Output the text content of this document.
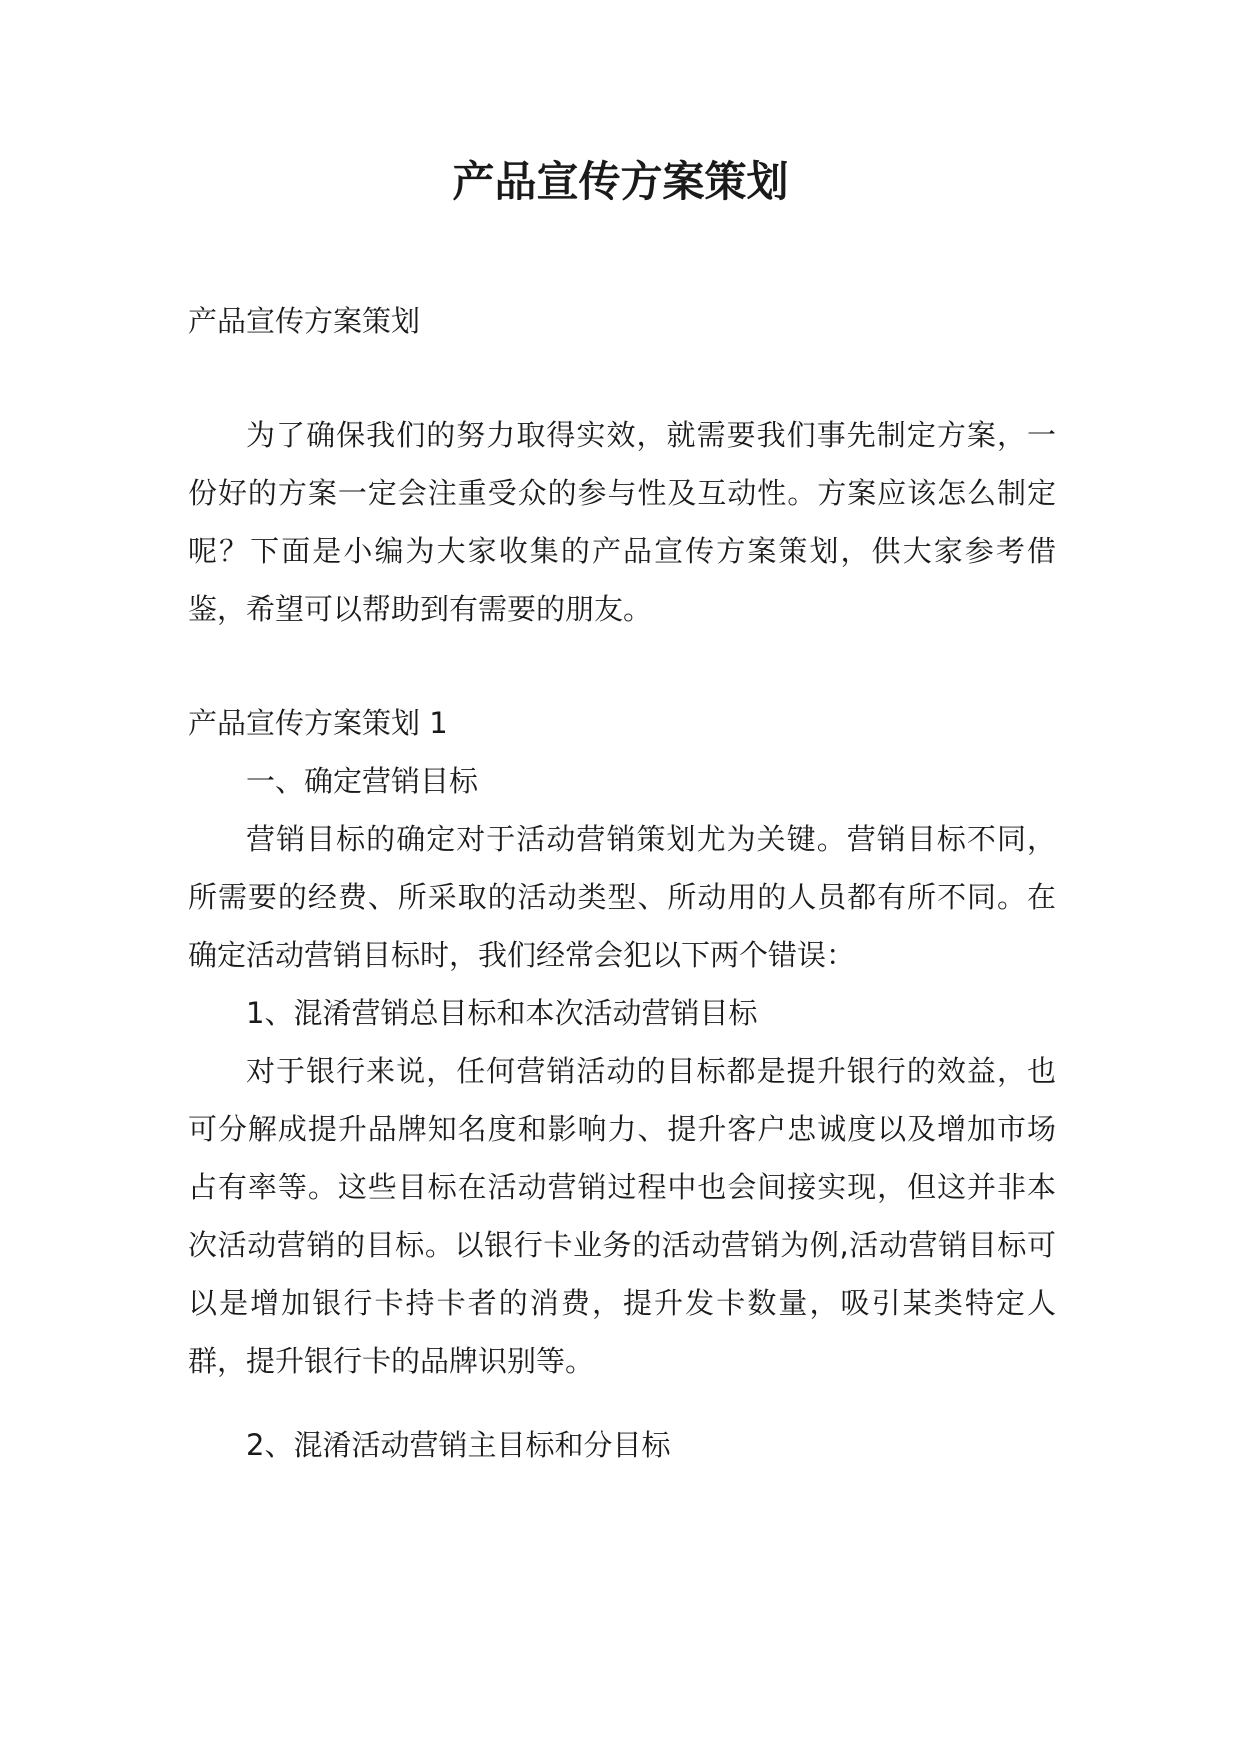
产品宣传方案策划

产品宣传方案策划

为了确保我们的努力取得实效，就需要我们事先制定方案，一份好的方案一定会注重受众的参与性及互动性。方案应该怎么制定呢？下面是小编为大家收集的产品宣传方案策划，供大家参考借鉴，希望可以帮助到有需要的朋友。

产品宣传方案策划 1

一、确定营销目标

营销目标的确定对于活动营销策划尤为关键。营销目标不同，所需要的经费、所采取的活动类型、所动用的人员都有所不同。在确定活动营销目标时，我们经常会犯以下两个错误：

1、混淆营销总目标和本次活动营销目标

对于银行来说，任何营销活动的目标都是提升银行的效益，也可分解成提升品牌知名度和影响力、提升客户忠诚度以及增加市场占有率等。这些目标在活动营销过程中也会间接实现，但这并非本次活动营销的目标。以银行卡业务的活动营销为例,活动营销目标可以是增加银行卡持卡者的消费，提升发卡数量，吸引某类特定人群，提升银行卡的品牌识别等。

2、混淆活动营销主目标和分目标
